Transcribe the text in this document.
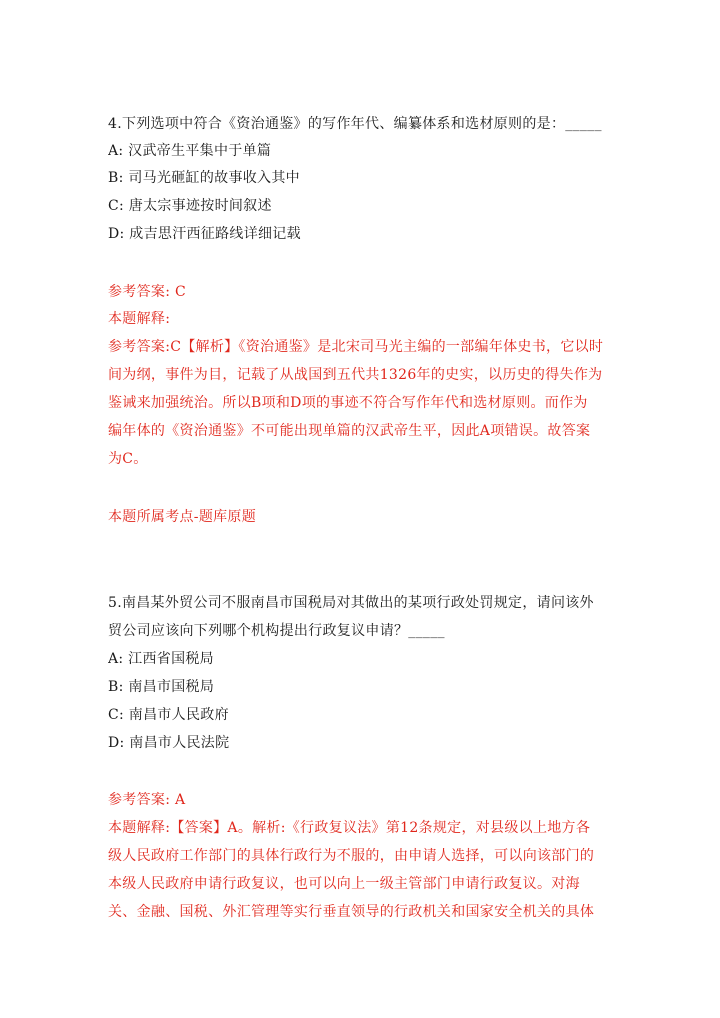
4.下列选项中符合《资治通鉴》的写作年代、编纂体系和选材原则的是：_____
A: 汉武帝生平集中于单篇
B: 司马光砸缸的故事收入其中
C: 唐太宗事迹按时间叙述
D: 成吉思汗西征路线详细记载
参考答案: C
本题解释:
参考答案:C【解析】《资治通鉴》是北宋司马光主编的一部编年体史书，它以时
间为纲，事件为目，记载了从战国到五代共1326年的史实，以历史的得失作为
鉴诫来加强统治。所以B项和D项的事迹不符合写作年代和选材原则。而作为
编年体的《资治通鉴》不可能出现单篇的汉武帝生平，因此A项错误。故答案
为C。
本题所属考点-题库原题
5.南昌某外贸公司不服南昌市国税局对其做出的某项行政处罚规定，请问该外
贸公司应该向下列哪个机构提出行政复议申请？_____
A: 江西省国税局
B: 南昌市国税局
C: 南昌市人民政府
D: 南昌市人民法院
参考答案: A
本题解释:【答案】A。解析:《行政复议法》第12条规定，对县级以上地方各
级人民政府工作部门的具体行政行为不服的，由申请人选择，可以向该部门的
本级人民政府申请行政复议，也可以向上一级主管部门申请行政复议。对海
关、金融、国税、外汇管理等实行垂直领导的行政机关和国家安全机关的具体
